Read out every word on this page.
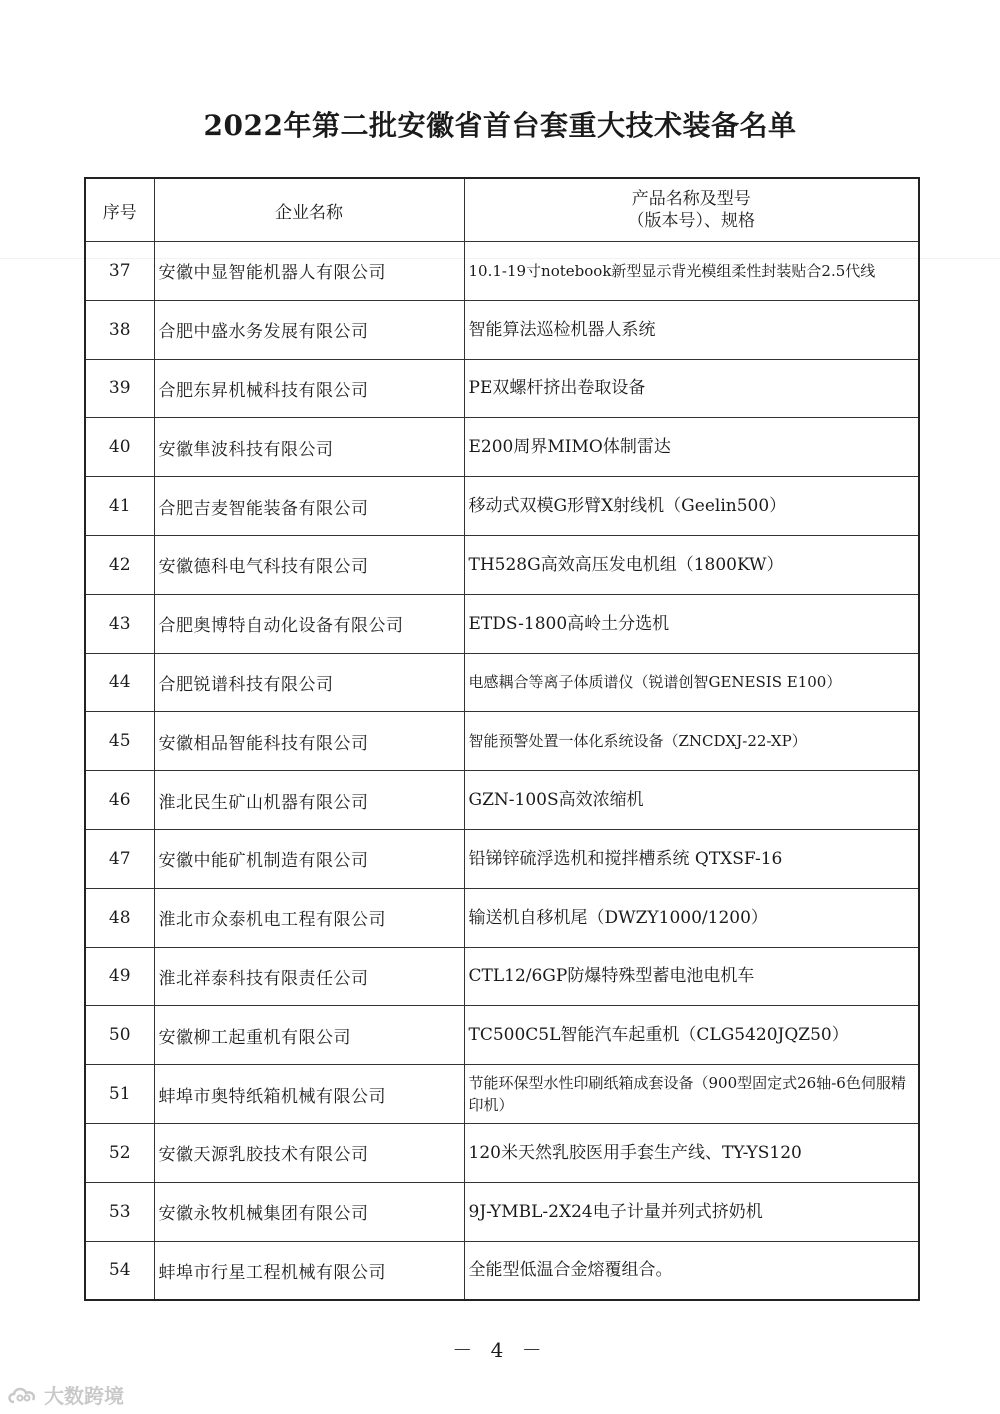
2022年第二批安徽省首台套重大技术装备名单
序号	企业名称	产品名称及型号
（版本号）、规格

37	安徽中显智能机器人有限公司	10.1-19寸notebook新型显示背光模组柔性封装贴合2.5代线
38	合肥中盛水务发展有限公司	智能算法巡检机器人系统
39	合肥东昇机械科技有限公司	PE双螺杆挤出卷取设备
40	安徽隼波科技有限公司	E200周界MIMO体制雷达
41	合肥吉麦智能装备有限公司	移动式双模G形臂X射线机（Geelin500）
42	安徽德科电气科技有限公司	TH528G高效高压发电机组（1800KW）
43	合肥奥博特自动化设备有限公司	ETDS-1800高岭土分选机
44	合肥锐谱科技有限公司	电感耦合等离子体质谱仪（锐谱创智GENESIS E100）
45	安徽相品智能科技有限公司	智能预警处置一体化系统设备（ZNCDXJ-22-XP）
46	淮北民生矿山机器有限公司	GZN-100S高效浓缩机
47	安徽中能矿机制造有限公司	铅锑锌硫浮选机和搅拌槽系统 QTXSF-16
48	淮北市众泰机电工程有限公司	输送机自移机尾（DWZY1000/1200）
49	淮北祥泰科技有限责任公司	CTL12/6GP防爆特殊型蓄电池电机车
50	安徽柳工起重机有限公司	TC500C5L智能汽车起重机（CLG5420JQZ50）
51	蚌埠市奥特纸箱机械有限公司	节能环保型水性印刷纸箱成套设备（900型固定式26轴-6色伺服精印机）
52	安徽天源乳胶技术有限公司	120米天然乳胶医用手套生产线、TY-YS120
53	安徽永牧机械集团有限公司	9J-YMBL-2X24电子计量并列式挤奶机
54	蚌埠市行星工程机械有限公司	全能型低温合金熔覆组合。
－ 4 －
大数跨境
